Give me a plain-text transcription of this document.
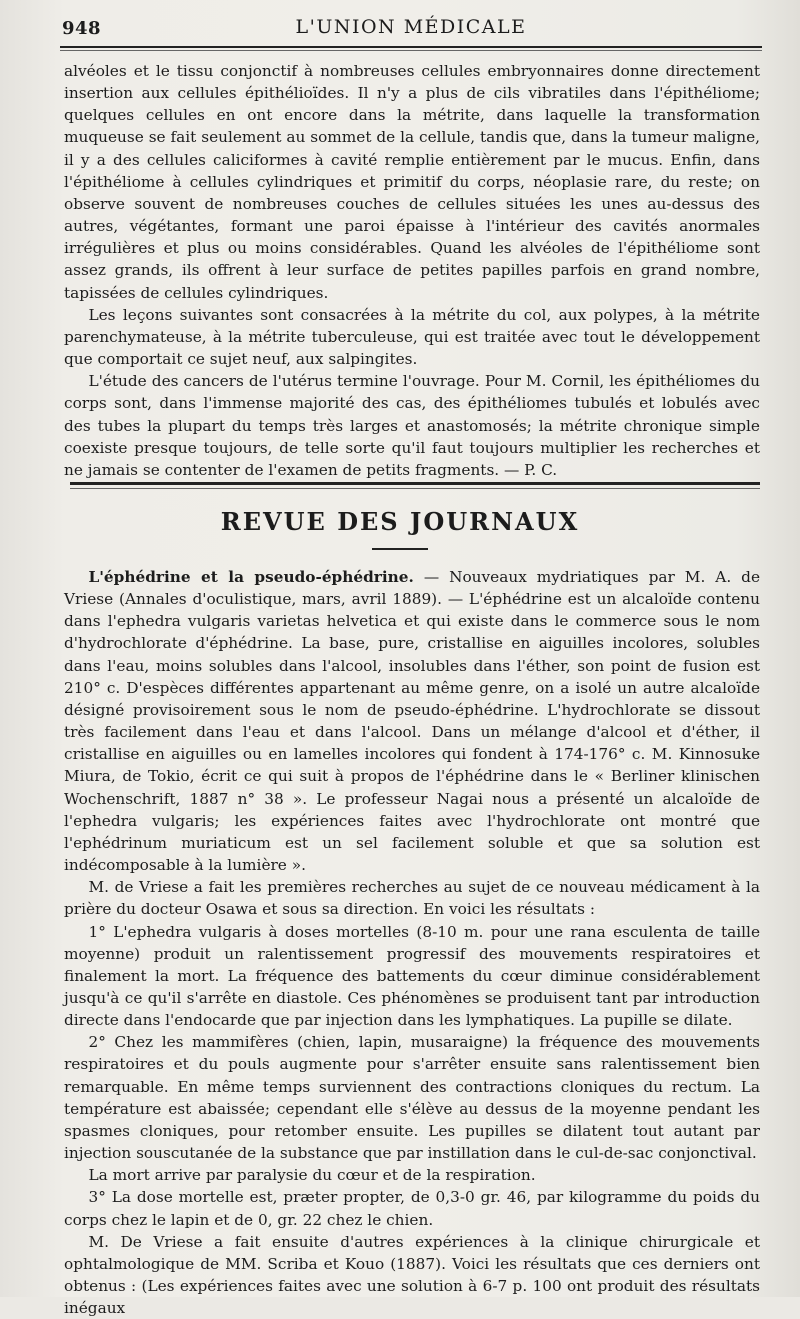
948	L'UNION MÉDICALE

alvéoles et le tissu conjonctif à nombreuses cellules embryonnaires donne directement insertion aux cellules épithélioïdes. Il n'y a plus de cils vibratiles dans l'épithéliome; quelques cellules en ont encore dans la métrite, dans laquelle la transformation muqueuse se fait seulement au sommet de la cellule, tandis que, dans la tumeur maligne, il y a des cellules caliciformes à cavité remplie entièrement par le mucus. Enfin, dans l'épithéliome à cellules cylindriques et primitif du corps, néoplasie rare, du reste; on observe souvent de nombreuses couches de cellules situées les unes au-dessus des autres, végétantes, formant une paroi épaisse à l'intérieur des cavités anormales irrégulières et plus ou moins considérables. Quand les alvéoles de l'épithéliome sont assez grands, ils offrent à leur surface de petites papilles parfois en grand nombre, tapissées de cellules cylindriques.

Les leçons suivantes sont consacrées à la métrite du col, aux polypes, à la métrite parenchymateuse, à la métrite tuberculeuse, qui est traitée avec tout le développement que comportait ce sujet neuf, aux salpingites.

L'étude des cancers de l'utérus termine l'ouvrage. Pour M. Cornil, les épithéliomes du corps sont, dans l'immense majorité des cas, des épithéliomes tubulés et lobulés avec des tubes la plupart du temps très larges et anastomosés; la métrite chronique simple coexiste presque toujours, de telle sorte qu'il faut toujours multiplier les recherches et ne jamais se contenter de l'examen de petits fragments. — P. C.

REVUE DES JOURNAUX

L'éphédrine et la pseudo-éphédrine. — Nouveaux mydriatiques par M. A. de Vriese (Annales d'oculistique, mars, avril 1889). — L'éphédrine est un alcaloïde contenu dans l'ephedra vulgaris varietas helvetica et qui existe dans le commerce sous le nom d'hydrochlorate d'éphédrine. La base, pure, cristallise en aiguilles incolores, solubles dans l'eau, moins solubles dans l'alcool, insolubles dans l'éther, son point de fusion est 210° c. D'espèces différentes appartenant au même genre, on a isolé un autre alcaloïde désigné provisoirement sous le nom de pseudo-éphédrine. L'hydrochlorate se dissout très facilement dans l'eau et dans l'alcool. Dans un mélange d'alcool et d'éther, il cristallise en aiguilles ou en lamelles incolores qui fondent à 174-176° c. M. Kinnosuke Miura, de Tokio, écrit ce qui suit à propos de l'éphédrine dans le « Berliner klinischen Wochenschrift, 1887 n° 38 ». Le professeur Nagai nous a présenté un alcaloïde de l'ephedra vulgaris; les expériences faites avec l'hydrochlorate ont montré que l'ephédrinum muriaticum est un sel facilement soluble et que sa solution est indécomposable à la lumière ».

M. de Vriese a fait les premières recherches au sujet de ce nouveau médicament à la prière du docteur Osawa et sous sa direction. En voici les résultats :

1° L'ephedra vulgaris à doses mortelles (8-10 m. pour une rana esculenta de taille moyenne) produit un ralentissement progressif des mouvements respiratoires et finalement la mort. La fréquence des battements du cœur diminue considérablement jusqu'à ce qu'il s'arrête en diastole. Ces phénomènes se produisent tant par introduction directe dans l'endocarde que par injection dans les lymphatiques. La pupille se dilate.

2° Chez les mammifères (chien, lapin, musaraigne) la fréquence des mouvements respiratoires et du pouls augmente pour s'arrêter ensuite sans ralentissement bien remarquable. En même temps surviennent des contractions cloniques du rectum. La température est abaissée; cependant elle s'élève au dessus de la moyenne pendant les spasmes cloniques, pour retomber ensuite. Les pupilles se dilatent tout autant par injection souscutanée de la substance que par instillation dans le cul-de-sac conjonctival.

La mort arrive par paralysie du cœur et de la respiration.

3° La dose mortelle est, præter propter, de 0,3-0 gr. 46, par kilogramme du poids du corps chez le lapin et de 0, gr. 22 chez le chien.

M. De Vriese a fait ensuite d'autres expériences à la clinique chirurgicale et ophtalmologique de MM. Scriba et Kouo (1887). Voici les résultats que ces derniers ont obtenus : (Les expériences faites avec une solution à 6-7 p. 100 ont produit des résultats inégaux
